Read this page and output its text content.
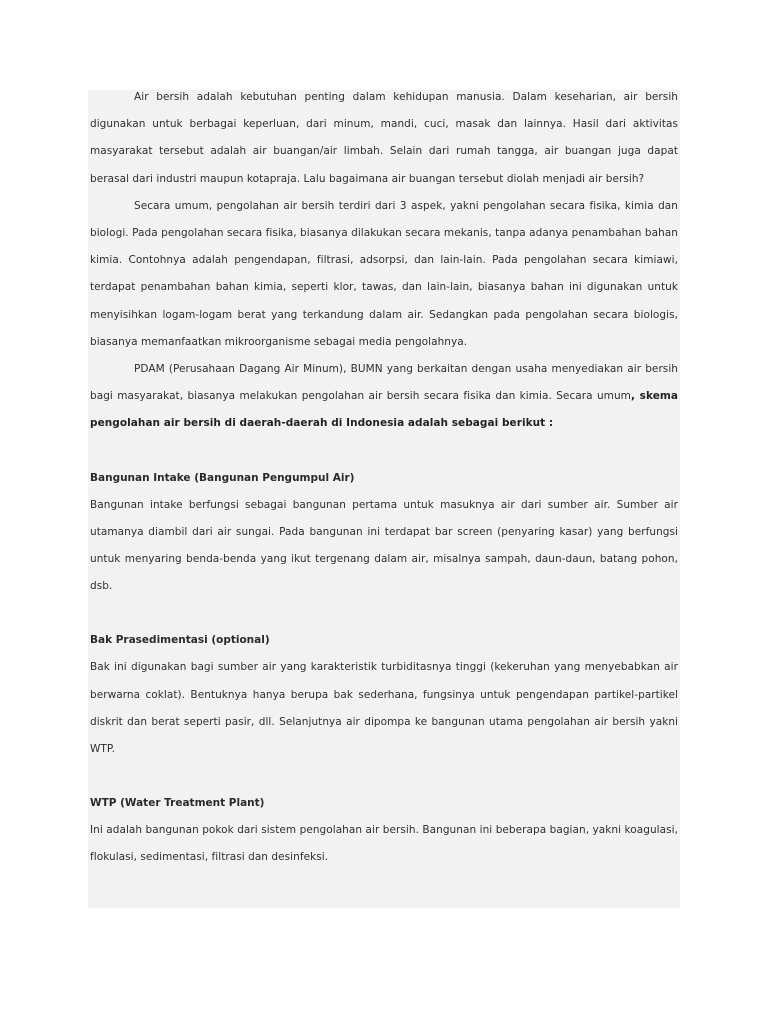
Air bersih adalah kebutuhan penting dalam kehidupan manusia. Dalam keseharian, air bersih digunakan untuk berbagai keperluan, dari minum, mandi, cuci, masak dan lainnya. Hasil dari aktivitas masyarakat tersebut adalah air buangan/air limbah. Selain dari rumah tangga, air buangan juga dapat berasal dari industri maupun kotapraja. Lalu bagaimana air buangan tersebut diolah menjadi air bersih?

Secara umum, pengolahan air bersih terdiri dari 3 aspek, yakni pengolahan secara fisika, kimia dan biologi. Pada pengolahan secara fisika, biasanya dilakukan secara mekanis, tanpa adanya penambahan bahan kimia. Contohnya adalah pengendapan, filtrasi, adsorpsi, dan lain-lain. Pada pengolahan secara kimiawi, terdapat penambahan bahan kimia, seperti klor, tawas, dan lain-lain, biasanya bahan ini digunakan untuk menyisihkan logam-logam berat yang terkandung dalam air. Sedangkan pada pengolahan secara biologis, biasanya memanfaatkan mikroorganisme sebagai media pengolahnya.

PDAM (Perusahaan Dagang Air Minum), BUMN yang berkaitan dengan usaha menyediakan air bersih bagi masyarakat, biasanya melakukan pengolahan air bersih secara fisika dan kimia. Secara umum, skema pengolahan air bersih di daerah-daerah di Indonesia adalah sebagai berikut :

Bangunan Intake (Bangunan Pengumpul Air)

Bangunan intake berfungsi sebagai bangunan pertama untuk masuknya air dari sumber air. Sumber air utamanya diambil dari air sungai. Pada bangunan ini terdapat bar screen (penyaring kasar) yang berfungsi untuk menyaring benda-benda yang ikut tergenang dalam air, misalnya sampah, daun-daun, batang pohon, dsb.

Bak Prasedimentasi (optional)

Bak ini digunakan bagi sumber air yang karakteristik turbiditasnya tinggi (kekeruhan yang menyebabkan air berwarna coklat). Bentuknya hanya berupa bak sederhana, fungsinya untuk pengendapan partikel-partikel diskrit dan berat seperti pasir, dll. Selanjutnya air dipompa ke bangunan utama pengolahan air bersih yakni WTP.

WTP (Water Treatment Plant)

Ini adalah bangunan pokok dari sistem pengolahan air bersih. Bangunan ini beberapa bagian, yakni koagulasi, flokulasi, sedimentasi, filtrasi dan desinfeksi.
